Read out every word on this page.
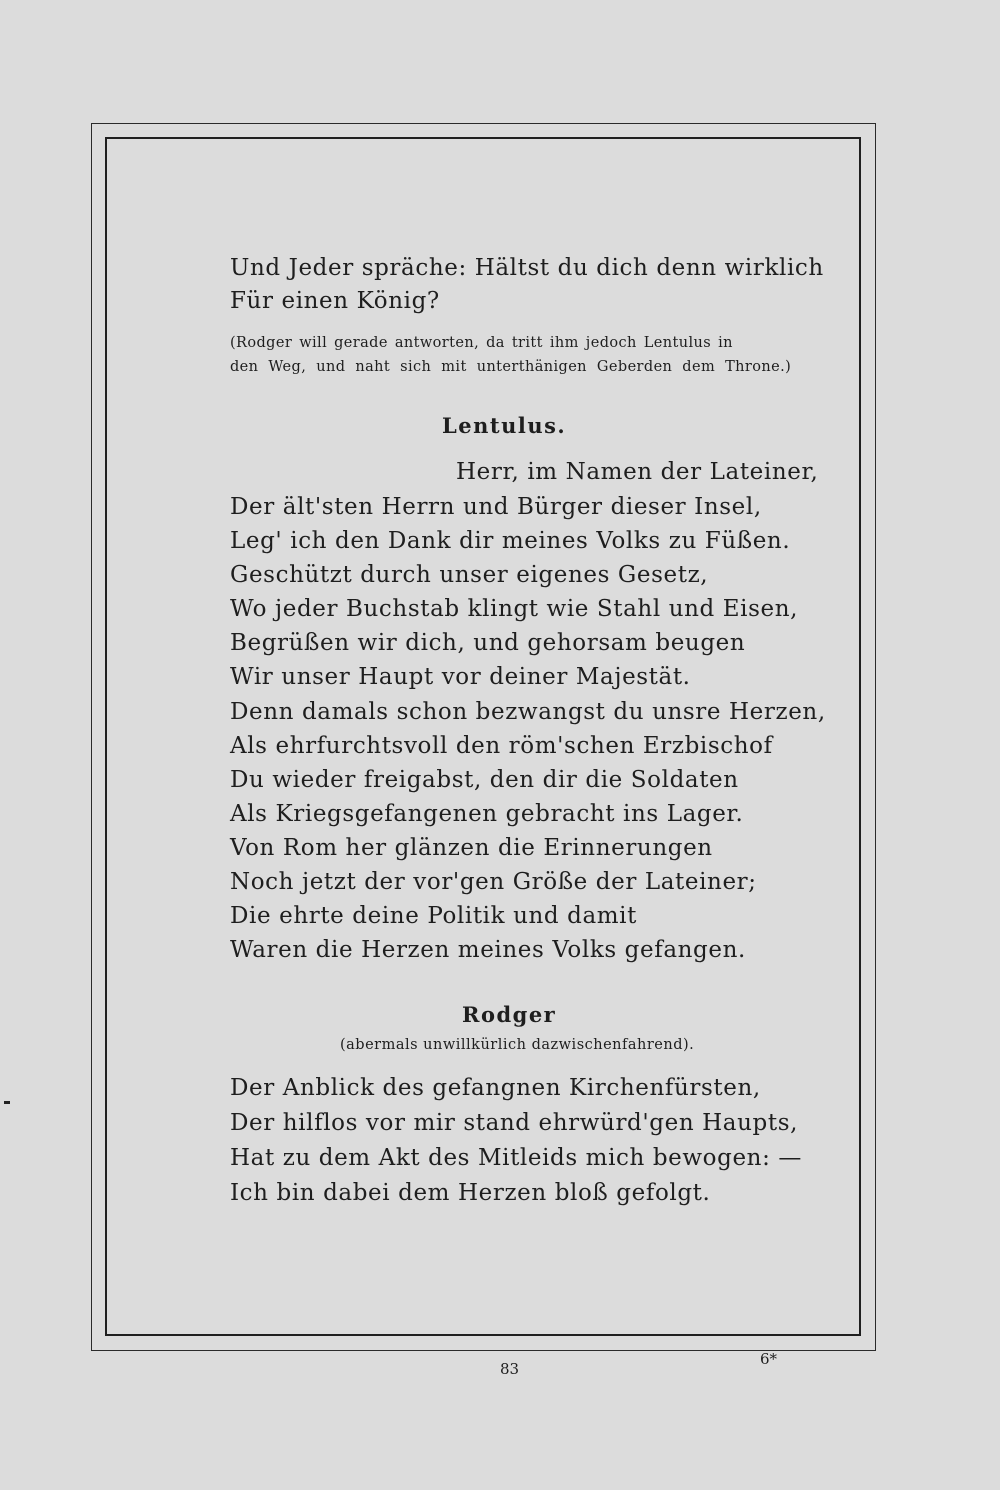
Und Jeder spräche: Hältst du dich denn wirklich
Für einen König?
(Rodger will gerade antworten, da tritt ihm jedoch Lentulus in
den Weg, und naht sich mit unterthänigen Geberden dem Throne.)
Lentulus.
Herr, im Namen der Lateiner,
Der ält'sten Herrn und Bürger dieser Insel,
Leg' ich den Dank dir meines Volks zu Füßen.
Geschützt durch unser eigenes Gesetz,
Wo jeder Buchstab klingt wie Stahl und Eisen,
Begrüßen wir dich, und gehorsam beugen
Wir unser Haupt vor deiner Majestät.
Denn damals schon bezwangst du unsre Herzen,
Als ehrfurchtsvoll den röm'schen Erzbischof
Du wieder freigabst, den dir die Soldaten
Als Kriegsgefangenen gebracht ins Lager.
Von Rom her glänzen die Erinnerungen
Noch jetzt der vor'gen Größe der Lateiner;
Die ehrte deine Politik und damit
Waren die Herzen meines Volks gefangen.
Rodger
(abermals unwillkürlich dazwischenfahrend).
Der Anblick des gefangnen Kirchenfürsten,
Der hilflos vor mir stand ehrwürd'gen Haupts,
Hat zu dem Akt des Mitleids mich bewogen: —
Ich bin dabei dem Herzen bloß gefolgt.
83
6*
